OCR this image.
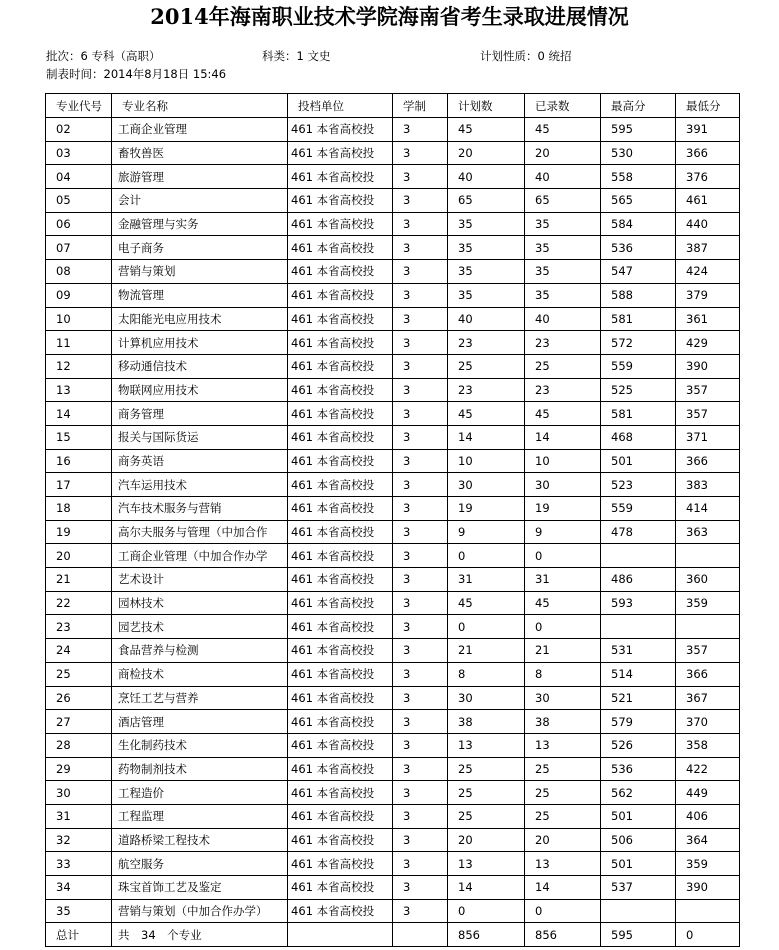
2014年海南职业技术学院海南省考生录取进展情况
批次：6 专科（高职）	科类：1 文史	计划性质：0 统招
制表时间：2014年8月18日 15:46
专业代号	专业名称	投档单位	学制	计划数	已录数	最高分	最低分
02	工商企业管理	461 本省高校投	3	45	45	595	391
03	畜牧兽医	461 本省高校投	3	20	20	530	366
04	旅游管理	461 本省高校投	3	40	40	558	376
05	会计	461 本省高校投	3	65	65	565	461
06	金融管理与实务	461 本省高校投	3	35	35	584	440
07	电子商务	461 本省高校投	3	35	35	536	387
08	营销与策划	461 本省高校投	3	35	35	547	424
09	物流管理	461 本省高校投	3	35	35	588	379
10	太阳能光电应用技术	461 本省高校投	3	40	40	581	361
11	计算机应用技术	461 本省高校投	3	23	23	572	429
12	移动通信技术	461 本省高校投	3	25	25	559	390
13	物联网应用技术	461 本省高校投	3	23	23	525	357
14	商务管理	461 本省高校投	3	45	45	581	357
15	报关与国际货运	461 本省高校投	3	14	14	468	371
16	商务英语	461 本省高校投	3	10	10	501	366
17	汽车运用技术	461 本省高校投	3	30	30	523	383
18	汽车技术服务与营销	461 本省高校投	3	19	19	559	414
19	高尔夫服务与管理（中加合作	461 本省高校投	3	9	9	478	363
20	工商企业管理（中加合作办学	461 本省高校投	3	0	0		
21	艺术设计	461 本省高校投	3	31	31	486	360
22	园林技术	461 本省高校投	3	45	45	593	359
23	园艺技术	461 本省高校投	3	0	0		
24	食品营养与检测	461 本省高校投	3	21	21	531	357
25	商检技术	461 本省高校投	3	8	8	514	366
26	烹饪工艺与营养	461 本省高校投	3	30	30	521	367
27	酒店管理	461 本省高校投	3	38	38	579	370
28	生化制药技术	461 本省高校投	3	13	13	526	358
29	药物制剂技术	461 本省高校投	3	25	25	536	422
30	工程造价	461 本省高校投	3	25	25	562	449
31	工程监理	461 本省高校投	3	25	25	501	406
32	道路桥梁工程技术	461 本省高校投	3	20	20	506	364
33	航空服务	461 本省高校投	3	13	13	501	359
34	珠宝首饰工艺及鉴定	461 本省高校投	3	14	14	537	390
35	营销与策划（中加合作办学）	461 本省高校投	3	0	0		
总计	共　34　个专业			856	856	595	0
